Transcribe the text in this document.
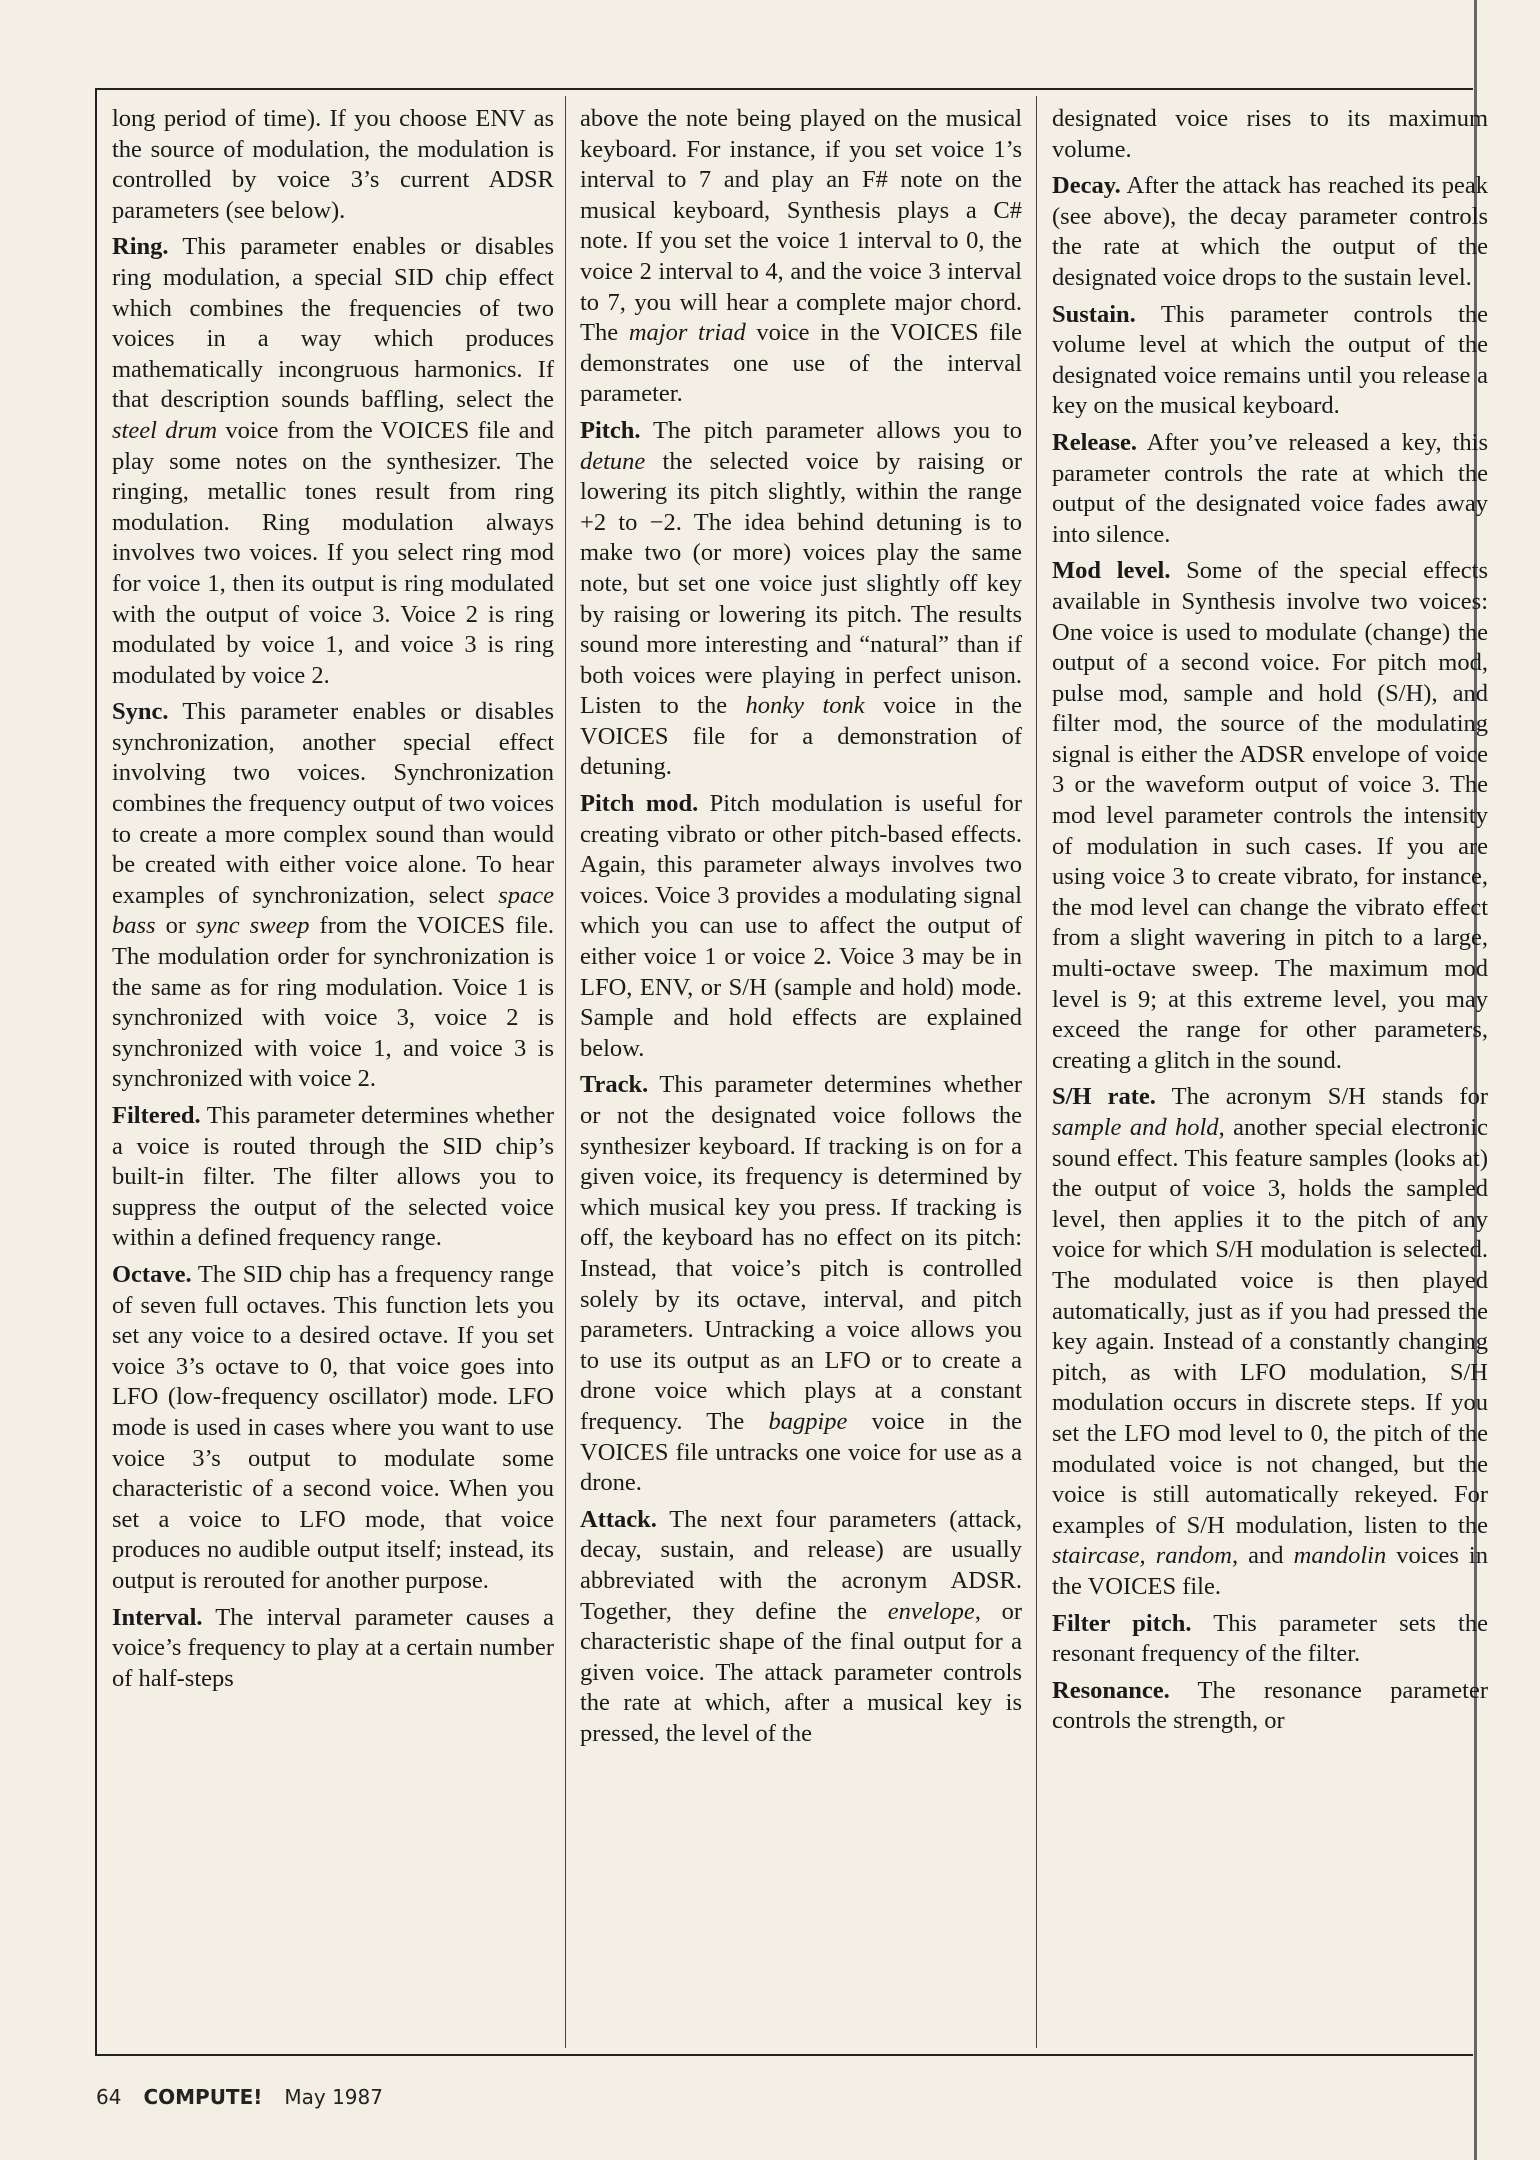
long period of time). If you choose ENV as the source of modulation, the modulation is controlled by voice 3’s current ADSR parameters (see below).

Ring. This parameter enables or disables ring modulation, a special SID chip effect which combines the frequencies of two voices in a way which produces mathematically incongruous harmonics. If that description sounds baffling, select the steel drum voice from the VOICES file and play some notes on the synthesizer. The ringing, metallic tones result from ring modulation. Ring modulation always involves two voices. If you select ring mod for voice 1, then its output is ring modulated with the output of voice 3. Voice 2 is ring modulated by voice 1, and voice 3 is ring modulated by voice 2.

Sync. This parameter enables or disables synchronization, another special effect involving two voices. Synchronization combines the frequency output of two voices to create a more complex sound than would be created with either voice alone. To hear examples of synchronization, select space bass or sync sweep from the VOICES file. The modulation order for synchronization is the same as for ring modulation. Voice 1 is synchronized with voice 3, voice 2 is synchronized with voice 1, and voice 3 is synchronized with voice 2.

Filtered. This parameter determines whether a voice is routed through the SID chip’s built-in filter. The filter allows you to suppress the output of the selected voice within a defined frequency range.

Octave. The SID chip has a frequency range of seven full octaves. This function lets you set any voice to a desired octave. If you set voice 3’s octave to 0, that voice goes into LFO (low-frequency oscillator) mode. LFO mode is used in cases where you want to use voice 3’s output to modulate some characteristic of a second voice. When you set a voice to LFO mode, that voice produces no audible output itself; instead, its output is rerouted for another purpose.

Interval. The interval parameter causes a voice’s frequency to play at a certain number of half-steps

above the note being played on the musical keyboard. For instance, if you set voice 1’s interval to 7 and play an F# note on the musical keyboard, Synthesis plays a C# note. If you set the voice 1 interval to 0, the voice 2 interval to 4, and the voice 3 interval to 7, you will hear a complete major chord. The major triad voice in the VOICES file demonstrates one use of the interval parameter.

Pitch. The pitch parameter allows you to detune the selected voice by raising or lowering its pitch slightly, within the range +2 to −2. The idea behind detuning is to make two (or more) voices play the same note, but set one voice just slightly off key by raising or lowering its pitch. The results sound more interesting and “natural” than if both voices were playing in perfect unison. Listen to the honky tonk voice in the VOICES file for a demonstration of detuning.

Pitch mod. Pitch modulation is useful for creating vibrato or other pitch-based effects. Again, this parameter always involves two voices. Voice 3 provides a modulating signal which you can use to affect the output of either voice 1 or voice 2. Voice 3 may be in LFO, ENV, or S/H (sample and hold) mode. Sample and hold effects are explained below.

Track. This parameter determines whether or not the designated voice follows the synthesizer keyboard. If tracking is on for a given voice, its frequency is determined by which musical key you press. If tracking is off, the keyboard has no effect on its pitch: Instead, that voice’s pitch is controlled solely by its octave, interval, and pitch parameters. Untracking a voice allows you to use its output as an LFO or to create a drone voice which plays at a constant frequency. The bagpipe voice in the VOICES file untracks one voice for use as a drone.

Attack. The next four parameters (attack, decay, sustain, and release) are usually abbreviated with the acronym ADSR. Together, they define the envelope, or characteristic shape of the final output for a given voice. The attack parameter controls the rate at which, after a musical key is pressed, the level of the

designated voice rises to its maximum volume.

Decay. After the attack has reached its peak (see above), the decay parameter controls the rate at which the output of the designated voice drops to the sustain level.

Sustain. This parameter controls the volume level at which the output of the designated voice remains until you release a key on the musical keyboard.

Release. After you’ve released a key, this parameter controls the rate at which the output of the designated voice fades away into silence.

Mod level. Some of the special effects available in Synthesis involve two voices: One voice is used to modulate (change) the output of a second voice. For pitch mod, pulse mod, sample and hold (S/H), and filter mod, the source of the modulating signal is either the ADSR envelope of voice 3 or the waveform output of voice 3. The mod level parameter controls the intensity of modulation in such cases. If you are using voice 3 to create vibrato, for instance, the mod level can change the vibrato effect from a slight wavering in pitch to a large, multi-octave sweep. The maximum mod level is 9; at this extreme level, you may exceed the range for other parameters, creating a glitch in the sound.

S/H rate. The acronym S/H stands for sample and hold, another special electronic sound effect. This feature samples (looks at) the output of voice 3, holds the sampled level, then applies it to the pitch of any voice for which S/H modulation is selected. The modulated voice is then played automatically, just as if you had pressed the key again. Instead of a constantly changing pitch, as with LFO modulation, S/H modulation occurs in discrete steps. If you set the LFO mod level to 0, the pitch of the modulated voice is not changed, but the voice is still automatically rekeyed. For examples of S/H modulation, listen to the staircase, random, and mandolin voices in the VOICES file.

Filter pitch. This parameter sets the resonant frequency of the filter.

Resonance. The resonance parameter controls the strength, or

64 COMPUTE! May 1987
